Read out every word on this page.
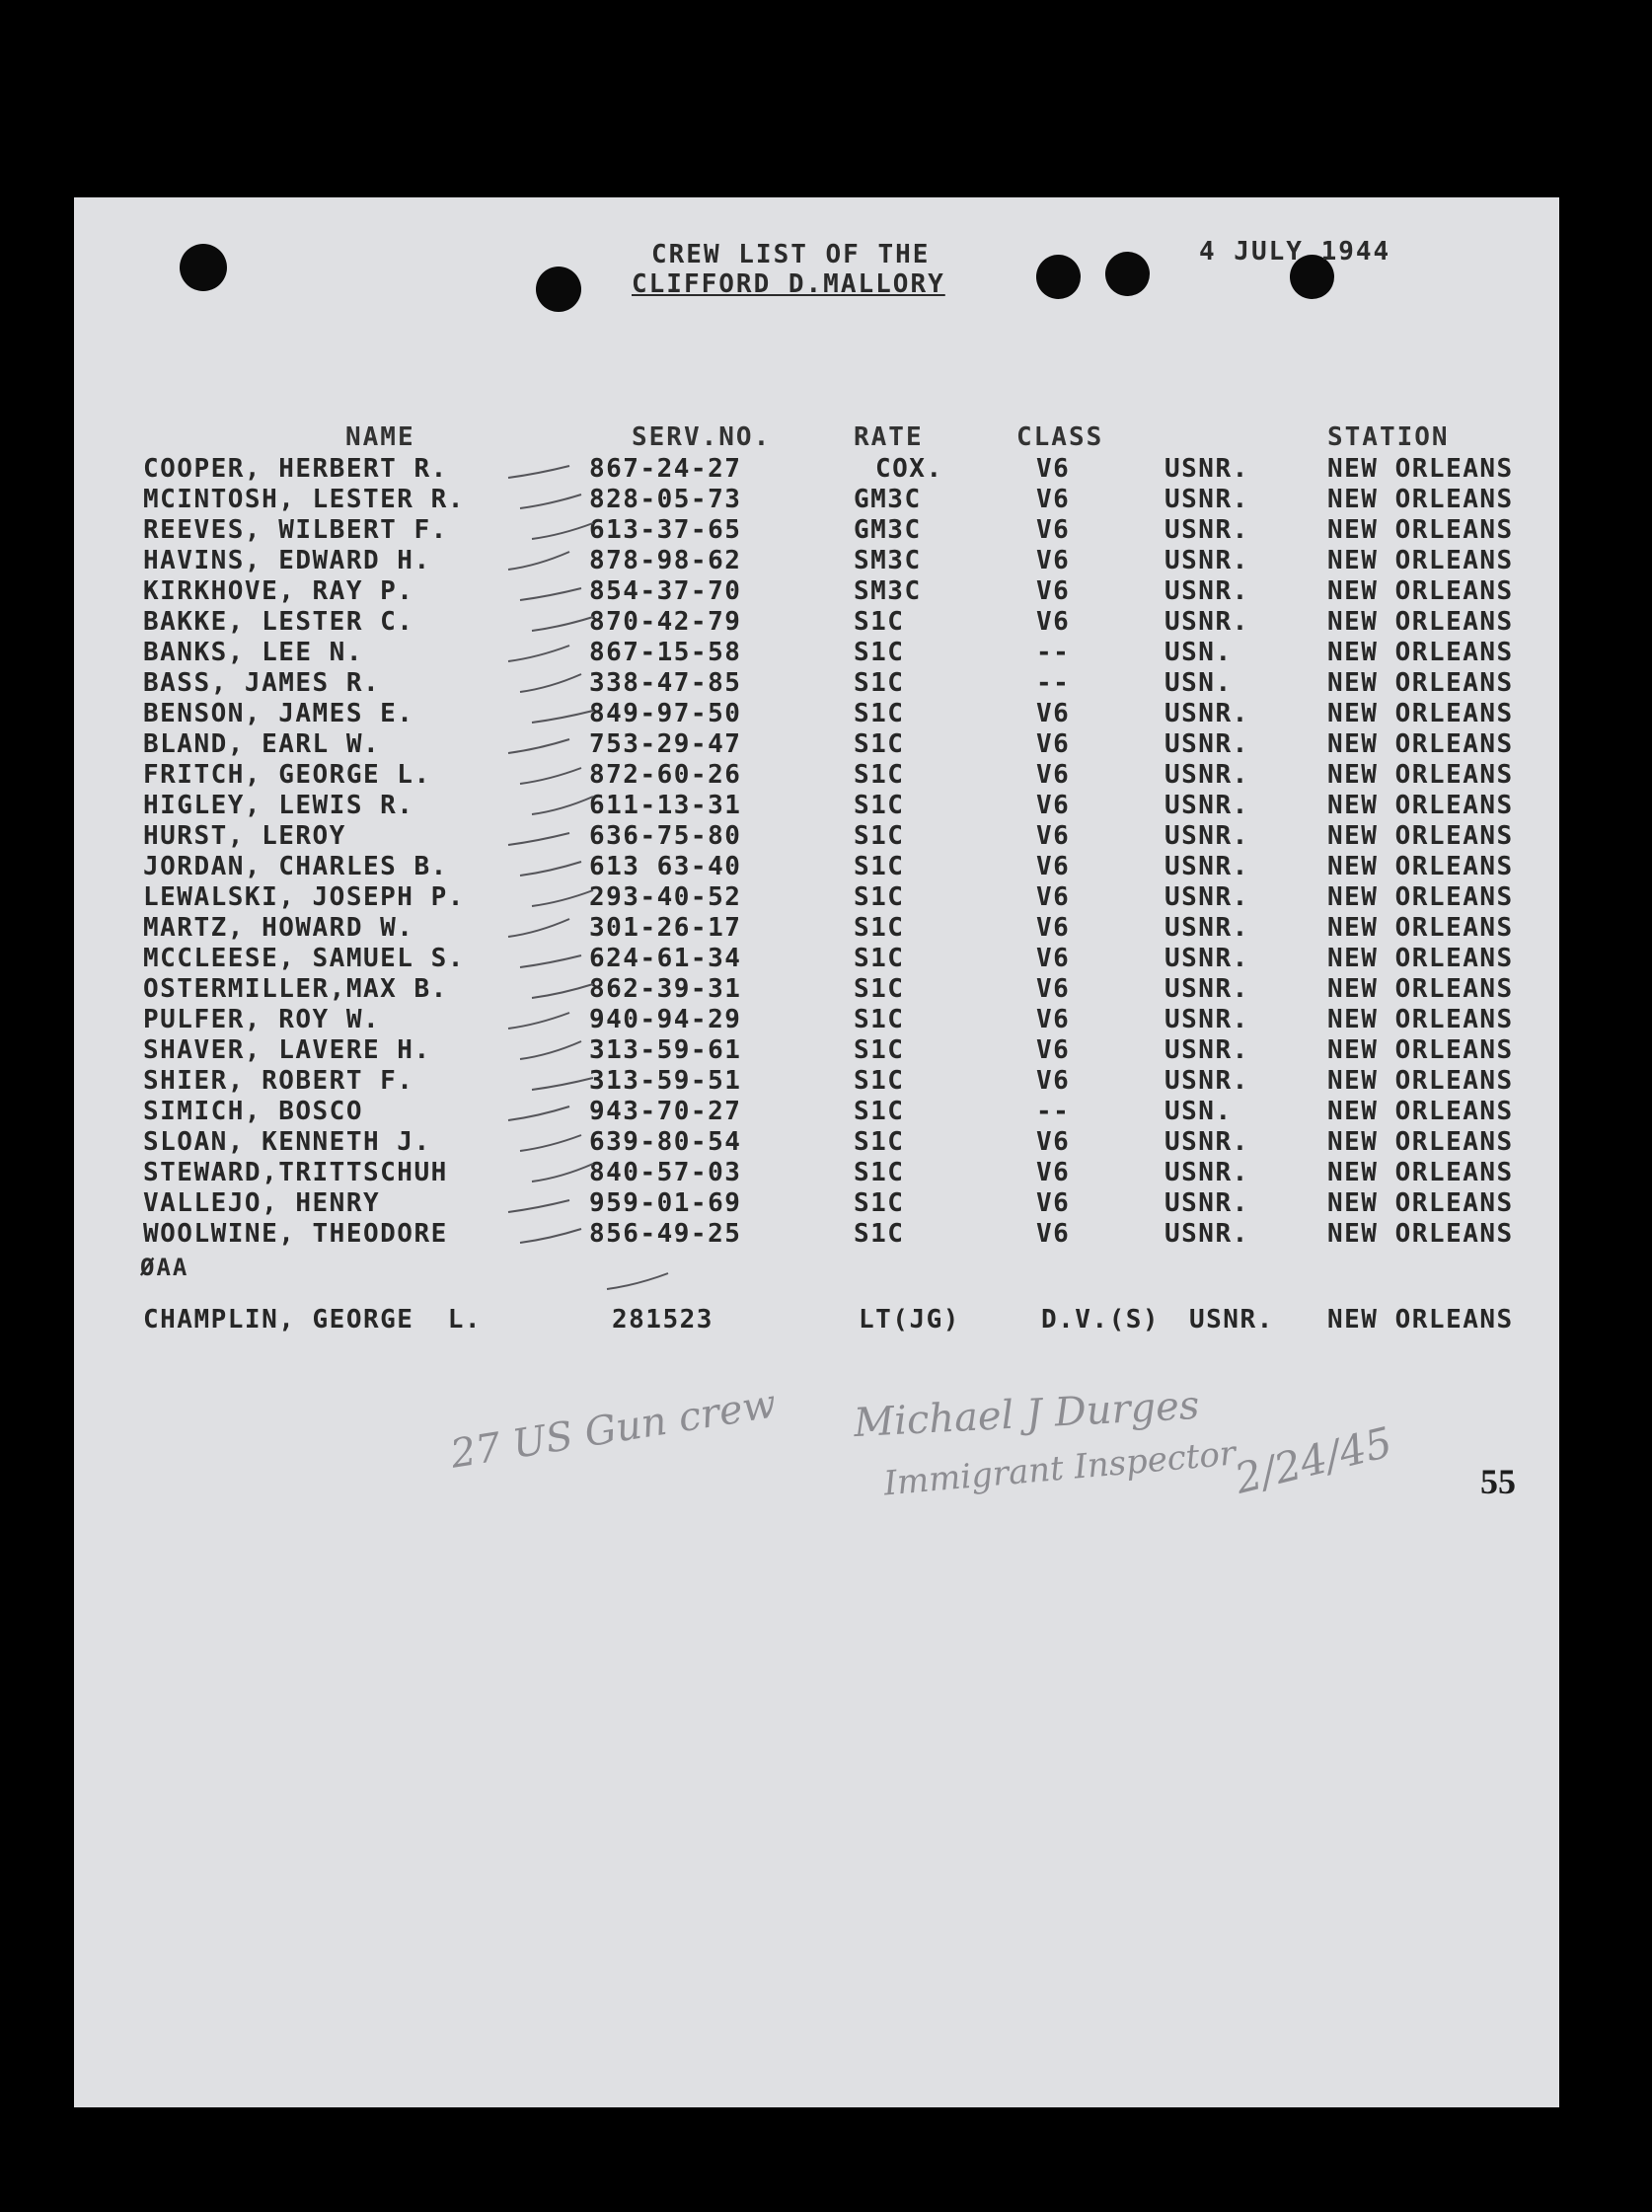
CREW LIST OF THE
CLIFFORD D.MALLORY
4 JULY 1944
NAME	SERV.NO.	RATE	CLASS	STATION
COOPER, HERBERT R.	867-24-27	COX.	V6	USNR.	NEW ORLEANS
MCINTOSH, LESTER R.	828-05-73	GM3C	V6	USNR.	NEW ORLEANS
REEVES, WILBERT F.	613-37-65	GM3C	V6	USNR.	NEW ORLEANS
HAVINS, EDWARD H.	878-98-62	SM3C	V6	USNR.	NEW ORLEANS
KIRKHOVE, RAY P.	854-37-70	SM3C	V6	USNR.	NEW ORLEANS
BAKKE, LESTER C.	870-42-79	S1C	V6	USNR.	NEW ORLEANS
BANKS, LEE N.	867-15-58	S1C	--	USN.	NEW ORLEANS
BASS, JAMES R.	338-47-85	S1C	--	USN.	NEW ORLEANS
BENSON, JAMES E.	849-97-50	S1C	V6	USNR.	NEW ORLEANS
BLAND, EARL W.	753-29-47	S1C	V6	USNR.	NEW ORLEANS
FRITCH, GEORGE L.	872-60-26	S1C	V6	USNR.	NEW ORLEANS
HIGLEY, LEWIS R.	611-13-31	S1C	V6	USNR.	NEW ORLEANS
HURST, LEROY	636-75-80	S1C	V6	USNR.	NEW ORLEANS
JORDAN, CHARLES B.	613 63-40	S1C	V6	USNR.	NEW ORLEANS
LEWALSKI, JOSEPH P.	293-40-52	S1C	V6	USNR.	NEW ORLEANS
MARTZ, HOWARD W.	301-26-17	S1C	V6	USNR.	NEW ORLEANS
MCCLEESE, SAMUEL S.	624-61-34	S1C	V6	USNR.	NEW ORLEANS
OSTERMILLER,MAX B.	862-39-31	S1C	V6	USNR.	NEW ORLEANS
PULFER, ROY W.	940-94-29	S1C	V6	USNR.	NEW ORLEANS
SHAVER, LAVERE H.	313-59-61	S1C	V6	USNR.	NEW ORLEANS
SHIER, ROBERT F.	313-59-51	S1C	V6	USNR.	NEW ORLEANS
SIMICH, BOSCO	943-70-27	S1C	--	USN.	NEW ORLEANS
SLOAN, KENNETH J.	639-80-54	S1C	V6	USNR.	NEW ORLEANS
STEWARD,TRITTSCHUH	840-57-03	S1C	V6	USNR.	NEW ORLEANS
VALLEJO, HENRY	959-01-69	S1C	V6	USNR.	NEW ORLEANS
WOOLWINE, THEODORE	856-49-25	S1C	V6	USNR.	NEW ORLEANS
ØAA
CHAMPLIN, GEORGE  L.	281523	LT(JG)	D.V.(S) USNR. NEW ORLEANS
27 US Gun crew Michael J Durges
Immigrant Inspector
2/24/45 55
